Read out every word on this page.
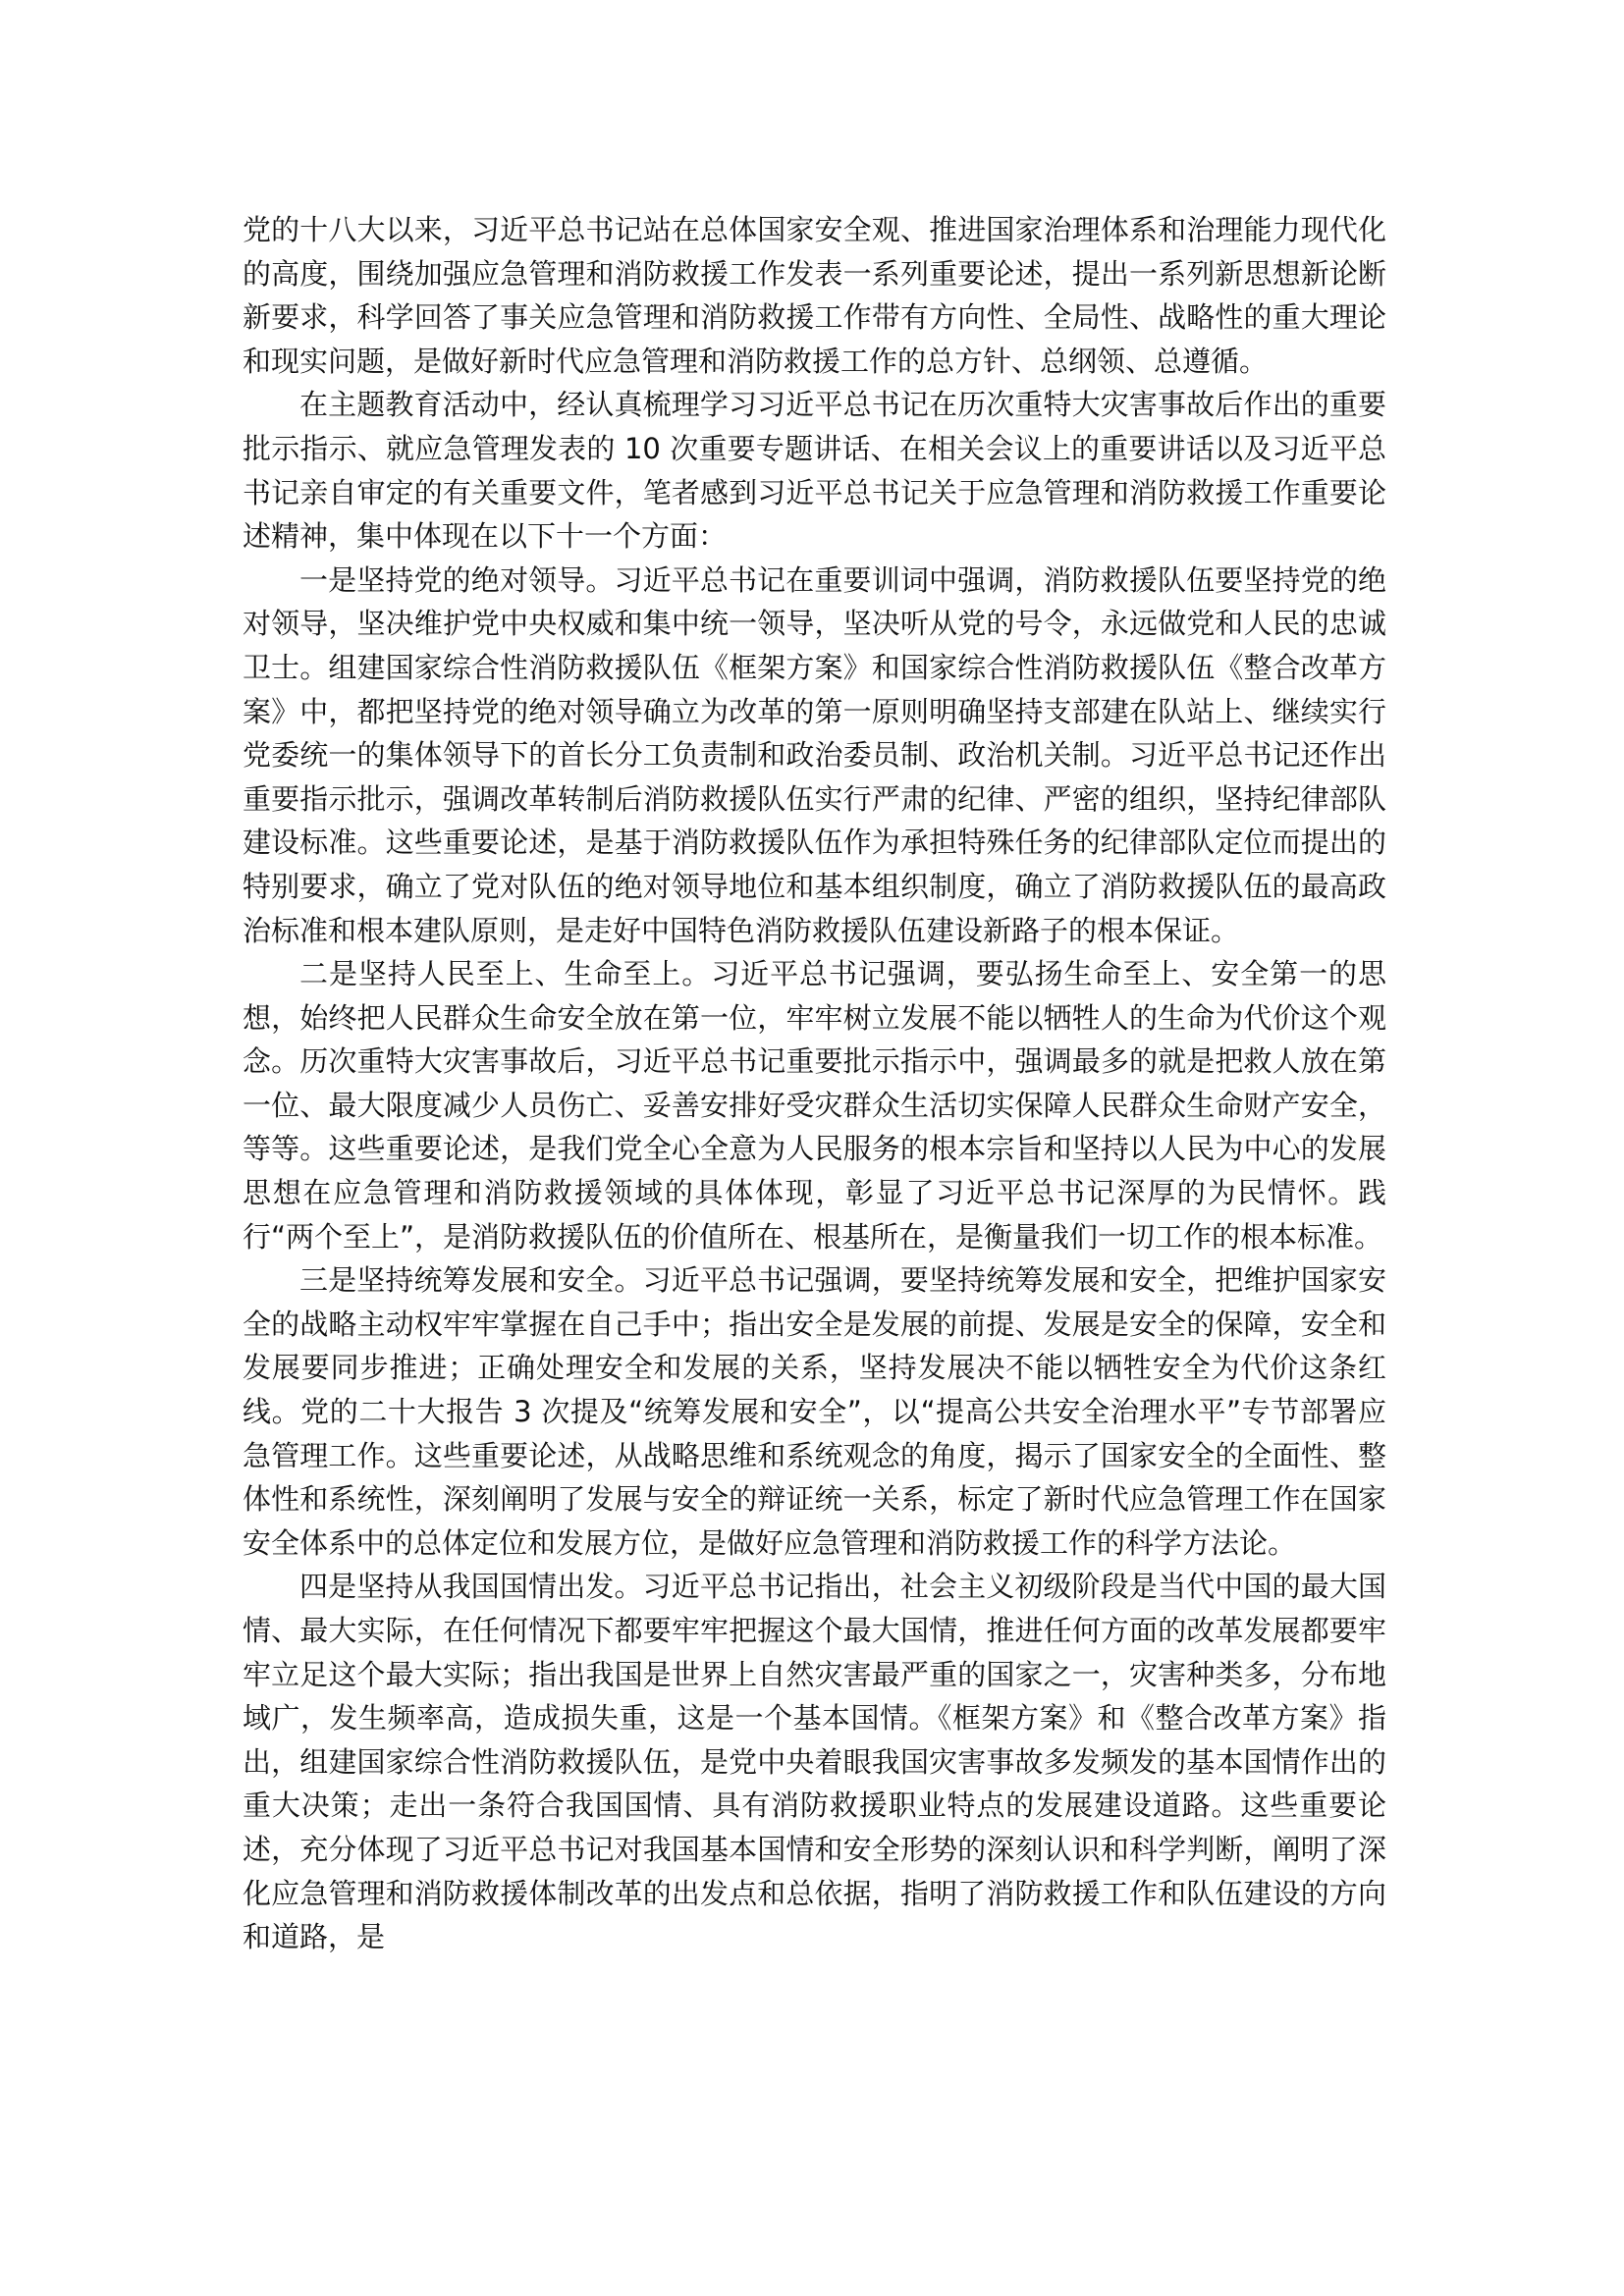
党的十八大以来，习近平总书记站在总体国家安全观、推进国家治理体系和治理能力现代化的高度，围绕加强应急管理和消防救援工作发表一系列重要论述，提出一系列新思想新论断新要求，科学回答了事关应急管理和消防救援工作带有方向性、全局性、战略性的重大理论和现实问题，是做好新时代应急管理和消防救援工作的总方针、总纲领、总遵循。

在主题教育活动中，经认真梳理学习习近平总书记在历次重特大灾害事故后作出的重要批示指示、就应急管理发表的 10 次重要专题讲话、在相关会议上的重要讲话以及习近平总书记亲自审定的有关重要文件，笔者感到习近平总书记关于应急管理和消防救援工作重要论述精神，集中体现在以下十一个方面：

一是坚持党的绝对领导。习近平总书记在重要训词中强调，消防救援队伍要坚持党的绝对领导，坚决维护党中央权威和集中统一领导，坚决听从党的号令，永远做党和人民的忠诚卫士。组建国家综合性消防救援队伍《框架方案》和国家综合性消防救援队伍《整合改革方案》中，都把坚持党的绝对领导确立为改革的第一原则明确坚持支部建在队站上、继续实行党委统一的集体领导下的首长分工负责制和政治委员制、政治机关制。习近平总书记还作出重要指示批示，强调改革转制后消防救援队伍实行严肃的纪律、严密的组织，坚持纪律部队建设标准。这些重要论述，是基于消防救援队伍作为承担特殊任务的纪律部队定位而提出的特别要求，确立了党对队伍的绝对领导地位和基本组织制度，确立了消防救援队伍的最高政治标准和根本建队原则，是走好中国特色消防救援队伍建设新路子的根本保证。

二是坚持人民至上、生命至上。习近平总书记强调，要弘扬生命至上、安全第一的思想，始终把人民群众生命安全放在第一位，牢牢树立发展不能以牺牲人的生命为代价这个观念。历次重特大灾害事故后，习近平总书记重要批示指示中，强调最多的就是把救人放在第一位、最大限度减少人员伤亡、妥善安排好受灾群众生活切实保障人民群众生命财产安全，等等。这些重要论述，是我们党全心全意为人民服务的根本宗旨和坚持以人民为中心的发展思想在应急管理和消防救援领域的具体体现，彰显了习近平总书记深厚的为民情怀。践行“两个至上”，是消防救援队伍的价值所在、根基所在，是衡量我们一切工作的根本标准。

三是坚持统筹发展和安全。习近平总书记强调，要坚持统筹发展和安全，把维护国家安全的战略主动权牢牢掌握在自己手中；指出安全是发展的前提、发展是安全的保障，安全和发展要同步推进；正确处理安全和发展的关系，坚持发展决不能以牺牲安全为代价这条红线。党的二十大报告 3 次提及“统筹发展和安全”，以“提高公共安全治理水平”专节部署应急管理工作。这些重要论述，从战略思维和系统观念的角度，揭示了国家安全的全面性、整体性和系统性，深刻阐明了发展与安全的辩证统一关系，标定了新时代应急管理工作在国家安全体系中的总体定位和发展方位，是做好应急管理和消防救援工作的科学方法论。

四是坚持从我国国情出发。习近平总书记指出，社会主义初级阶段是当代中国的最大国情、最大实际，在任何情况下都要牢牢把握这个最大国情，推进任何方面的改革发展都要牢牢立足这个最大实际；指出我国是世界上自然灾害最严重的国家之一，灾害种类多，分布地域广，发生频率高，造成损失重，这是一个基本国情。《框架方案》和《整合改革方案》指出，组建国家综合性消防救援队伍，是党中央着眼我国灾害事故多发频发的基本国情作出的重大决策；走出一条符合我国国情、具有消防救援职业特点的发展建设道路。这些重要论述，充分体现了习近平总书记对我国基本国情和安全形势的深刻认识和科学判断，阐明了深化应急管理和消防救援体制改革的出发点和总依据，指明了消防救援工作和队伍建设的方向和道路，是
